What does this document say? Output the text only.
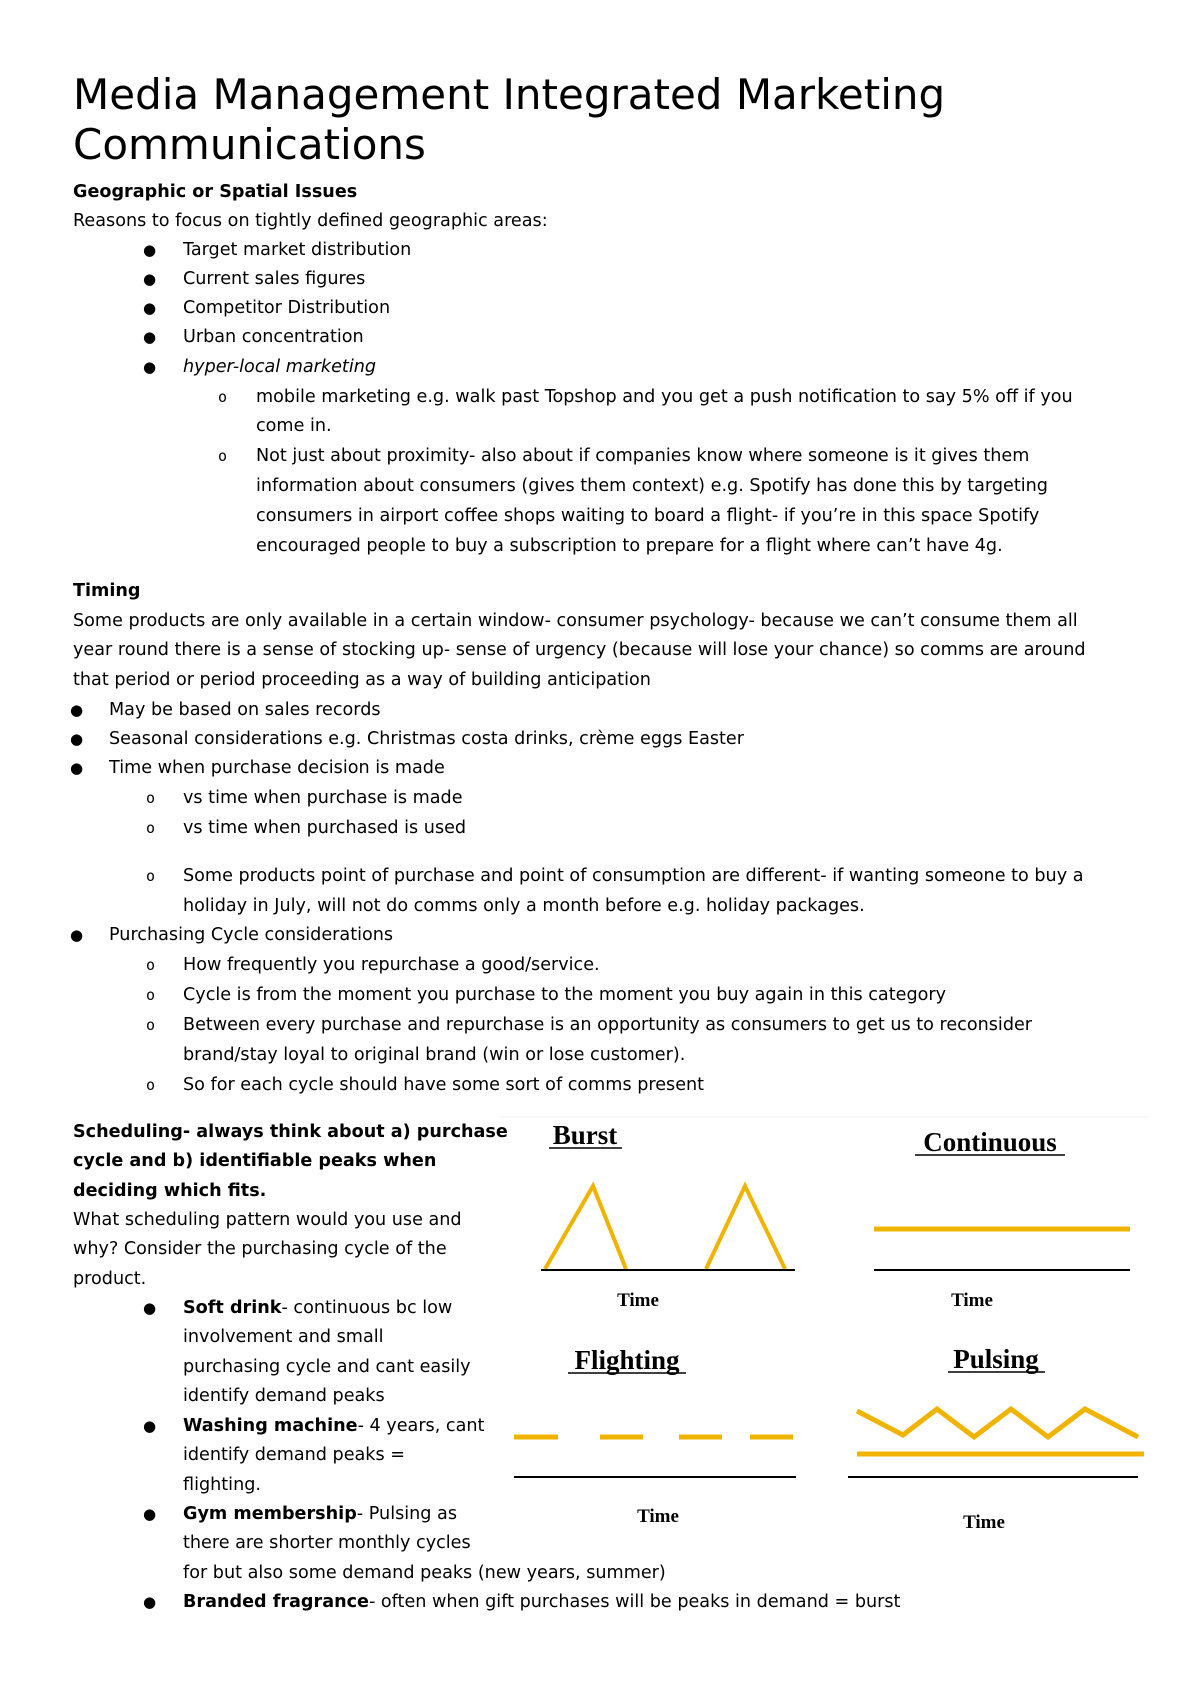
Media Management Integrated Marketing Communications
Geographic or Spatial Issues
Reasons to focus on tightly defined geographic areas:
● Target market distribution
● Current sales figures
● Competitor Distribution
● Urban concentration
● hyper-local marketing
o mobile marketing e.g. walk past Topshop and you get a push notification to say 5% off if you
come in.
o Not just about proximity- also about if companies know where someone is it gives them
information about consumers (gives them context) e.g. Spotify has done this by targeting
consumers in airport coffee shops waiting to board a flight- if you’re in this space Spotify
encouraged people to buy a subscription to prepare for a flight where can’t have 4g.
Timing
Some products are only available in a certain window- consumer psychology- because we can’t consume them all
year round there is a sense of stocking up- sense of urgency (because will lose your chance) so comms are around
that period or period proceeding as a way of building anticipation
● May be based on sales records
● Seasonal considerations e.g. Christmas costa drinks, crème eggs Easter
● Time when purchase decision is made
o vs time when purchase is made
o vs time when purchased is used
o Some products point of purchase and point of consumption are different- if wanting someone to buy a
holiday in July, will not do comms only a month before e.g. holiday packages.
● Purchasing Cycle considerations
o How frequently you repurchase a good/service.
o Cycle is from the moment you purchase to the moment you buy again in this category
o Between every purchase and repurchase is an opportunity as consumers to get us to reconsider
brand/stay loyal to original brand (win or lose customer).
o So for each cycle should have some sort of comms present
Scheduling- always think about a) purchase
cycle and b) identifiable peaks when
deciding which fits.
What scheduling pattern would you use and
why? Consider the purchasing cycle of the
product.
● Soft drink- continuous bc low
involvement and small
purchasing cycle and cant easily
identify demand peaks
● Washing machine- 4 years, cant
identify demand peaks =
flighting.
● Gym membership- Pulsing as
there are shorter monthly cycles
for but also some demand peaks (new years, summer)
● Branded fragrance- often when gift purchases will be peaks in demand = burst
Burst
Time
Continuous
Time
Flighting
Time
Pulsing
Time
